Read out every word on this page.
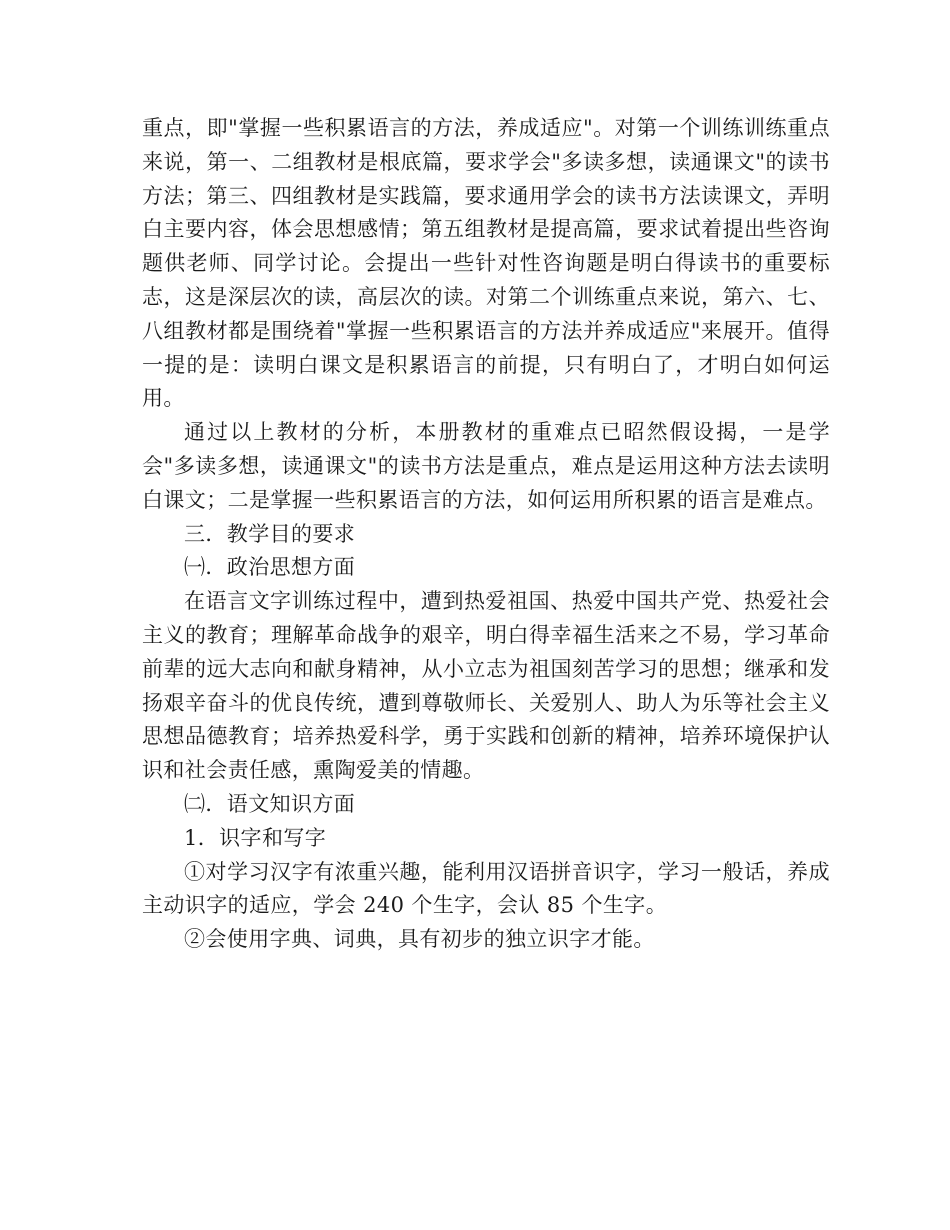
重点，即"掌握一些积累语言的方法，养成适应"。对第一个训练训练重点来说，第一、二组教材是根底篇，要求学会"多读多想，读通课文"的读书方法；第三、四组教材是实践篇，要求通用学会的读书方法读课文，弄明白主要内容，体会思想感情；第五组教材是提高篇，要求试着提出些咨询题供老师、同学讨论。会提出一些针对性咨询题是明白得读书的重要标志，这是深层次的读，高层次的读。对第二个训练重点来说，第六、七、八组教材都是围绕着"掌握一些积累语言的方法并养成适应"来展开。值得一提的是：读明白课文是积累语言的前提，只有明白了，才明白如何运用。

通过以上教材的分析，本册教材的重难点已昭然假设揭，一是学会"多读多想，读通课文"的读书方法是重点，难点是运用这种方法去读明白课文；二是掌握一些积累语言的方法，如何运用所积累的语言是难点。

三．教学目的要求

㈠．政治思想方面

在语言文字训练过程中，遭到热爱祖国、热爱中国共产党、热爱社会主义的教育；理解革命战争的艰辛，明白得幸福生活来之不易，学习革命前辈的远大志向和献身精神，从小立志为祖国刻苦学习的思想；继承和发扬艰辛奋斗的优良传统，遭到尊敬师长、关爱别人、助人为乐等社会主义思想品德教育；培养热爱科学，勇于实践和创新的精神，培养环境保护认识和社会责任感，熏陶爱美的情趣。

㈡．语文知识方面

1．识字和写字

①对学习汉字有浓重兴趣，能利用汉语拼音识字，学习一般话，养成主动识字的适应，学会 240 个生字，会认 85 个生字。

②会使用字典、词典，具有初步的独立识字才能。
